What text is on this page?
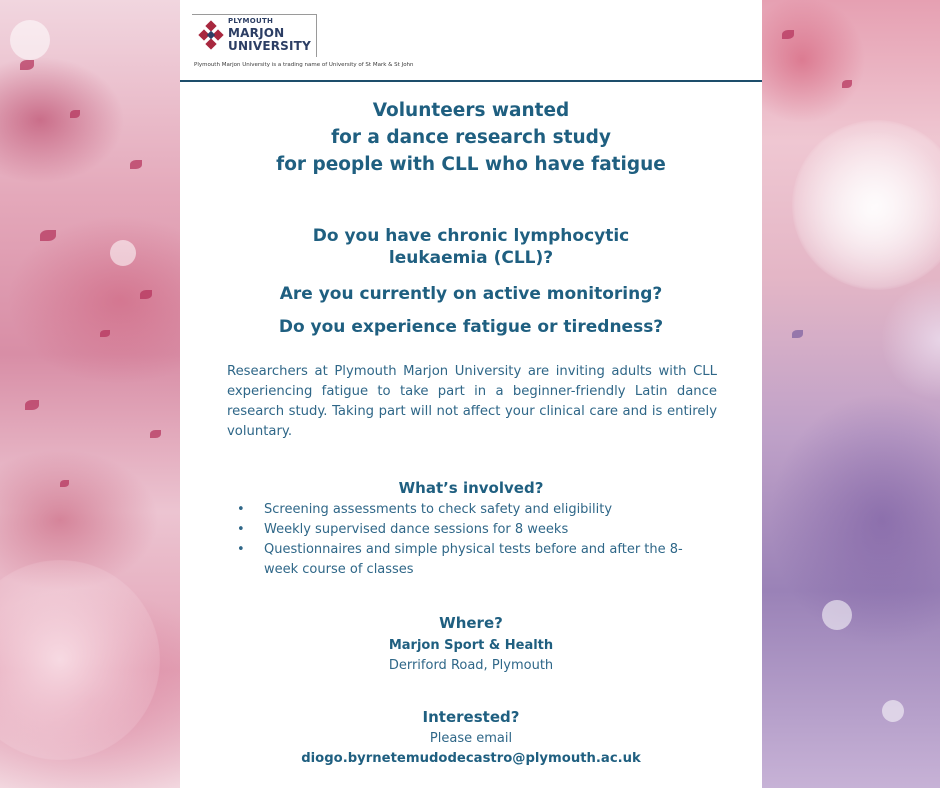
PLYMOUTH
MARJON
UNIVERSITY
Plymouth Marjon University is a trading name of University of St Mark & St John
Volunteers wanted
for a dance research study
for people with CLL who have fatigue
Do you have chronic lymphocytic
leukaemia (CLL)?
Are you currently on active monitoring?
Do you experience fatigue or tiredness?
Researchers at Plymouth Marjon University are inviting adults with CLL experiencing fatigue to take part in a beginner-friendly Latin dance research study. Taking part will not affect your clinical care and is entirely voluntary.
What’s involved?
• Screening assessments to check safety and eligibility
• Weekly supervised dance sessions for 8 weeks
• Questionnaires and simple physical tests before and after the 8-week course of classes
Where?
Marjon Sport & Health
Derriford Road, Plymouth
Interested?
Please email
diogo.byrnetemudodecastro@plymouth.ac.uk
